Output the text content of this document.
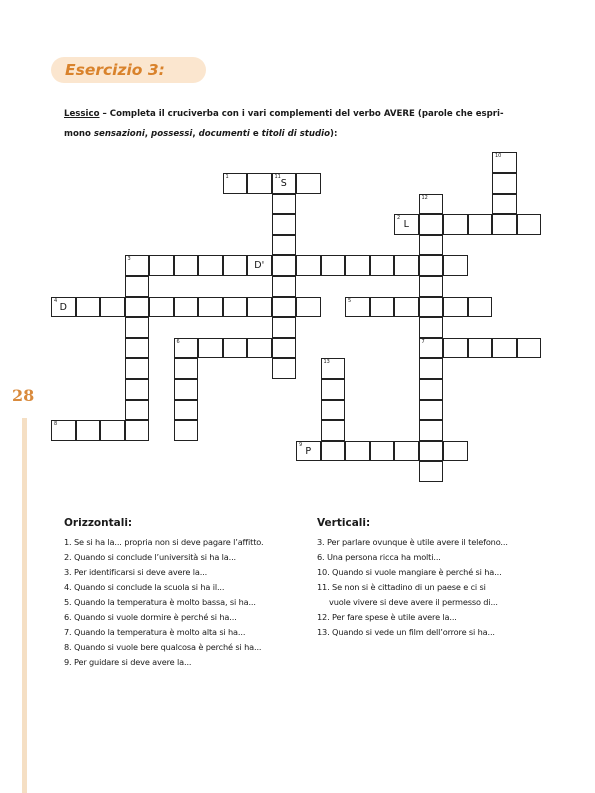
28
Esercizio 3:
Lessico – Completa il cruciverba con i vari complementi del verbo AVERE (parole che espri-
mono sensazioni, possessi, documenti e titoli di studio):
1	11
S
2
L
3
D'
4
D
5
6	7
8
9
P
12
13
10
Orizzontali:
1. Se si ha la... propria non si deve pagare l’affitto.
2. Quando si conclude l’università si ha la...
3. Per identificarsi si deve avere la...
4. Quando si conclude la scuola si ha il...
5. Quando la temperatura è molto bassa, si ha...
6. Quando si vuole dormire è perché si ha...
7. Quando la temperatura è molto alta si ha...
8. Quando si vuole bere qualcosa è perché si ha...
9. Per guidare si deve avere la...
Verticali:
3. Per parlare ovunque è utile avere il telefono...
6. Una persona ricca ha molti...
10. Quando si vuole mangiare è perché si ha...
11. Se non si è cittadino di un paese e ci si
vuole vivere si deve avere il permesso di...
12. Per fare spese è utile avere la...
13. Quando si vede un film dell’orrore si ha...
